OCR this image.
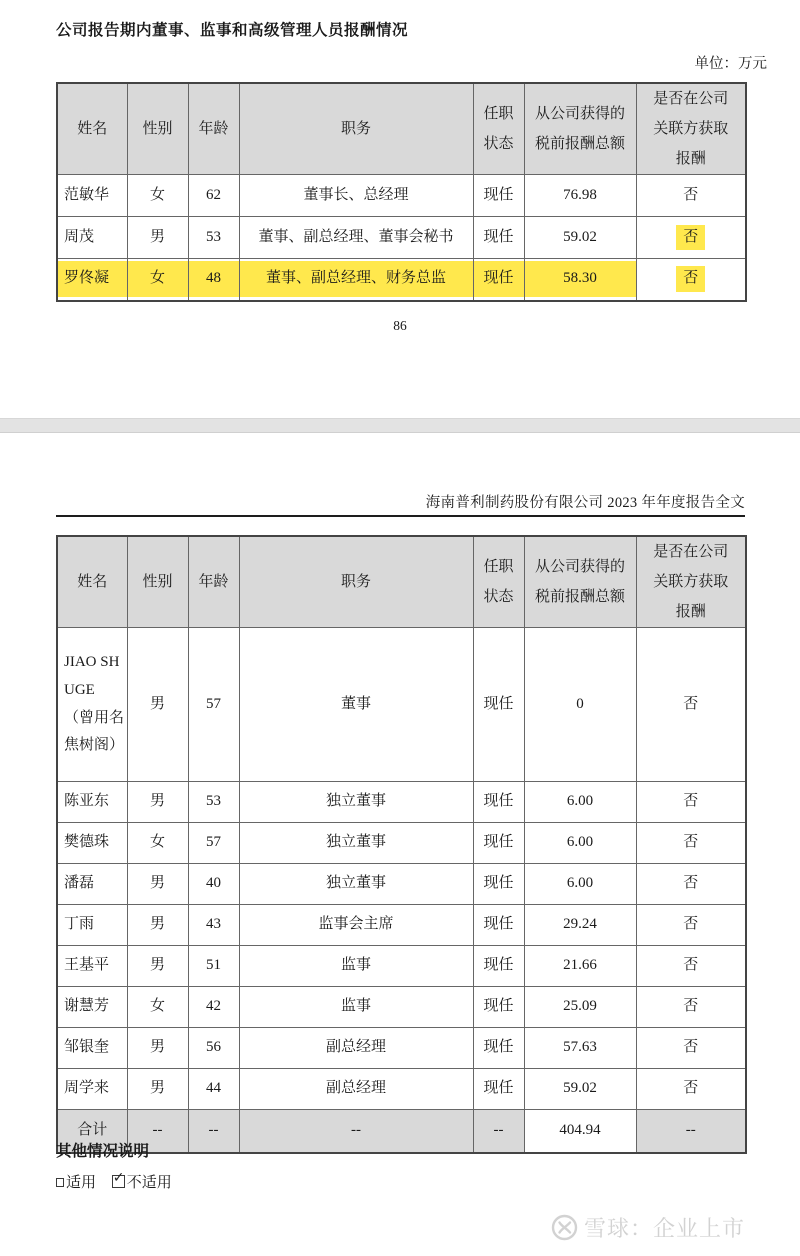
公司报告期内董事、监事和高级管理人员报酬情况
单位：万元
姓名	性别	年龄	职务	任职状态	从公司获得的税前报酬总额	是否在公司关联方获取报酬
范敏华	女	62	董事长、总经理	现任	76.98	否
周茂	男	53	董事、副总经理、董事会秘书	现任	59.02	否

罗佟凝	女	48	董事、副总经理、财务总监	现任	58.30	否
86
海南普利制药股份有限公司 2023 年年度报告全文
姓名	性别	年龄	职务	任职状态	从公司获得的税前报酬总额	是否在公司关联方获取报酬
JIAO SHUGE（曾用名焦树阁）	男	57	董事	现任	0	否
陈亚东	男	53	独立董事	现任	6.00	否
樊德珠	女	57	独立董事	现任	6.00	否
潘磊	男	40	独立董事	现任	6.00	否
丁雨	男	43	监事会主席	现任	29.24	否
王基平	男	51	监事	现任	21.66	否
谢慧芳	女	42	监事	现任	25.09	否
邹银奎	男	56	副总经理	现任	57.63	否
周学来	男	44	副总经理	现任	59.02	否
合计	--	--	--	--	404.94	--
其他情况说明
适用 ✓ 不适用
雪球：企业上市
